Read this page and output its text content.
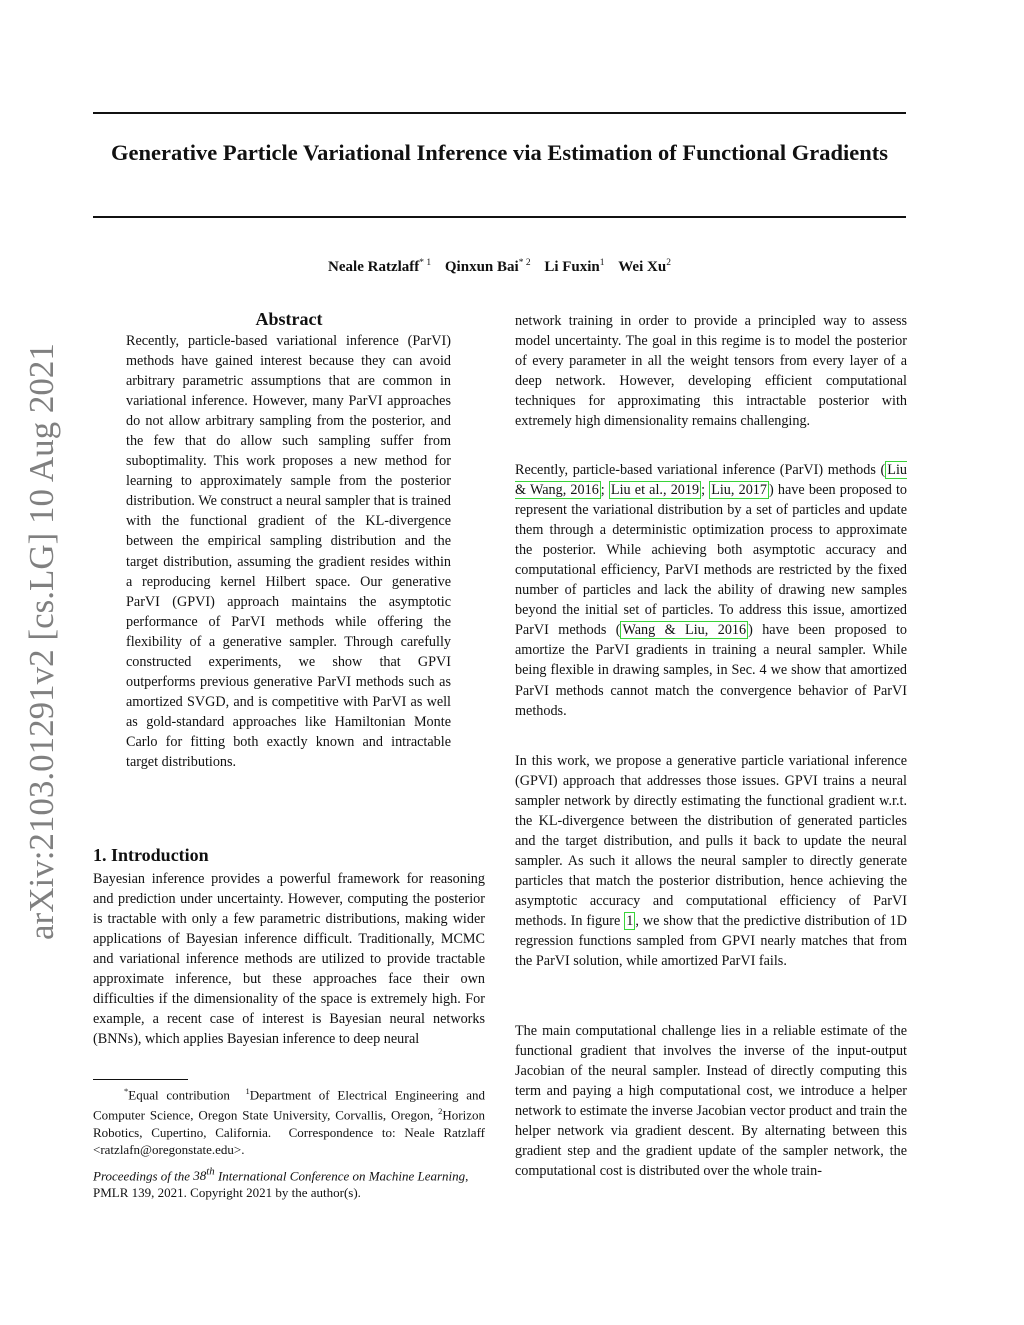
Generative Particle Variational Inference via Estimation of Functional Gradients
Neale Ratzlaff$^{* 1}$ Qinxun Bai$^{* 2}$ Li Fuxin$^1$ Wei Xu$^2$
arXiv:2103.01291v2 [cs.LG] 10 Aug 2021
Abstract

Recently, particle-based variational inference (ParVI) methods have gained interest because they can avoid arbitrary parametric assumptions that are common in variational inference. However, many ParVI approaches do not allow arbitrary sampling from the posterior, and the few that do allow such sampling suffer from suboptimality. This work proposes a new method for learning to approximately sample from the posterior distribution. We construct a neural sampler that is trained with the functional gradient of the KL-divergence between the empirical sampling distribution and the target distribution, assuming the gradient resides within a reproducing kernel Hilbert space. Our generative ParVI (GPVI) approach maintains the asymptotic performance of ParVI methods while offering the flexibility of a generative sampler. Through carefully constructed experiments, we show that GPVI outperforms previous generative ParVI methods such as amortized SVGD, and is competitive with ParVI as well as gold-standard approaches like Hamiltonian Monte Carlo for fitting both exactly known and intractable target distributions.

1. Introduction

Bayesian inference provides a powerful framework for reasoning and prediction under uncertainty. However, computing the posterior is tractable with only a few parametric distributions, making wider applications of Bayesian inference difficult. Traditionally, MCMC and variational inference methods are utilized to provide tractable approximate inference, but these approaches face their own difficulties if the dimensionality of the space is extremely high. For example, a recent case of interest is Bayesian neural networks (BNNs), which applies Bayesian inference to deep neural

*Equal contribution $^1$Department of Electrical Engineering and Computer Science, Oregon State University, Corvallis, Oregon, $^2$Horizon Robotics, Cupertino, California. Correspondence to: Neale Ratzlaff <ratzlafn@oregonstate.edu>.

Proceedings of the 38th International Conference on Machine Learning, PMLR 139, 2021. Copyright 2021 by the author(s).

network training in order to provide a principled way to assess model uncertainty. The goal in this regime is to model the posterior of every parameter in all the weight tensors from every layer of a deep network. However, developing efficient computational techniques for approximating this intractable posterior with extremely high dimensionality remains challenging.

Recently, particle-based variational inference (ParVI) methods ( Liu & Wang, 2016 ; Liu et al., 2019 ; Liu, 2017 ) have been proposed to represent the variational distribution by a set of particles and update them through a deterministic optimization process to approximate the posterior. While achieving both asymptotic accuracy and computational efficiency, ParVI methods are restricted by the fixed number of particles and lack the ability of drawing new samples beyond the initial set of particles. To address this issue, amortized ParVI methods ( Wang & Liu, 2016 ) have been proposed to amortize the ParVI gradients in training a neural sampler. While being flexible in drawing samples, in Sec. 4 we show that amortized ParVI methods cannot match the convergence behavior of ParVI methods.

In this work, we propose a generative particle variational inference (GPVI) approach that addresses those issues. GPVI trains a neural sampler network by directly estimating the functional gradient w.r.t. the KL-divergence between the distribution of generated particles and the target distribution, and pulls it back to update the neural sampler. As such it allows the neural sampler to directly generate particles that match the posterior distribution, hence achieving the asymptotic accuracy and computational efficiency of ParVI methods. In figure 1 , we show that the predictive distribution of 1D regression functions sampled from GPVI nearly matches that from the ParVI solution, while amortized ParVI fails.

The main computational challenge lies in a reliable estimate of the functional gradient that involves the inverse of the input-output Jacobian of the neural sampler. Instead of directly computing this term and paying a high computational cost, we introduce a helper network to estimate the inverse Jacobian vector product and train the helper network via gradient descent. By alternating between this gradient step and the gradient update of the sampler network, the computational cost is distributed over the whole train-
